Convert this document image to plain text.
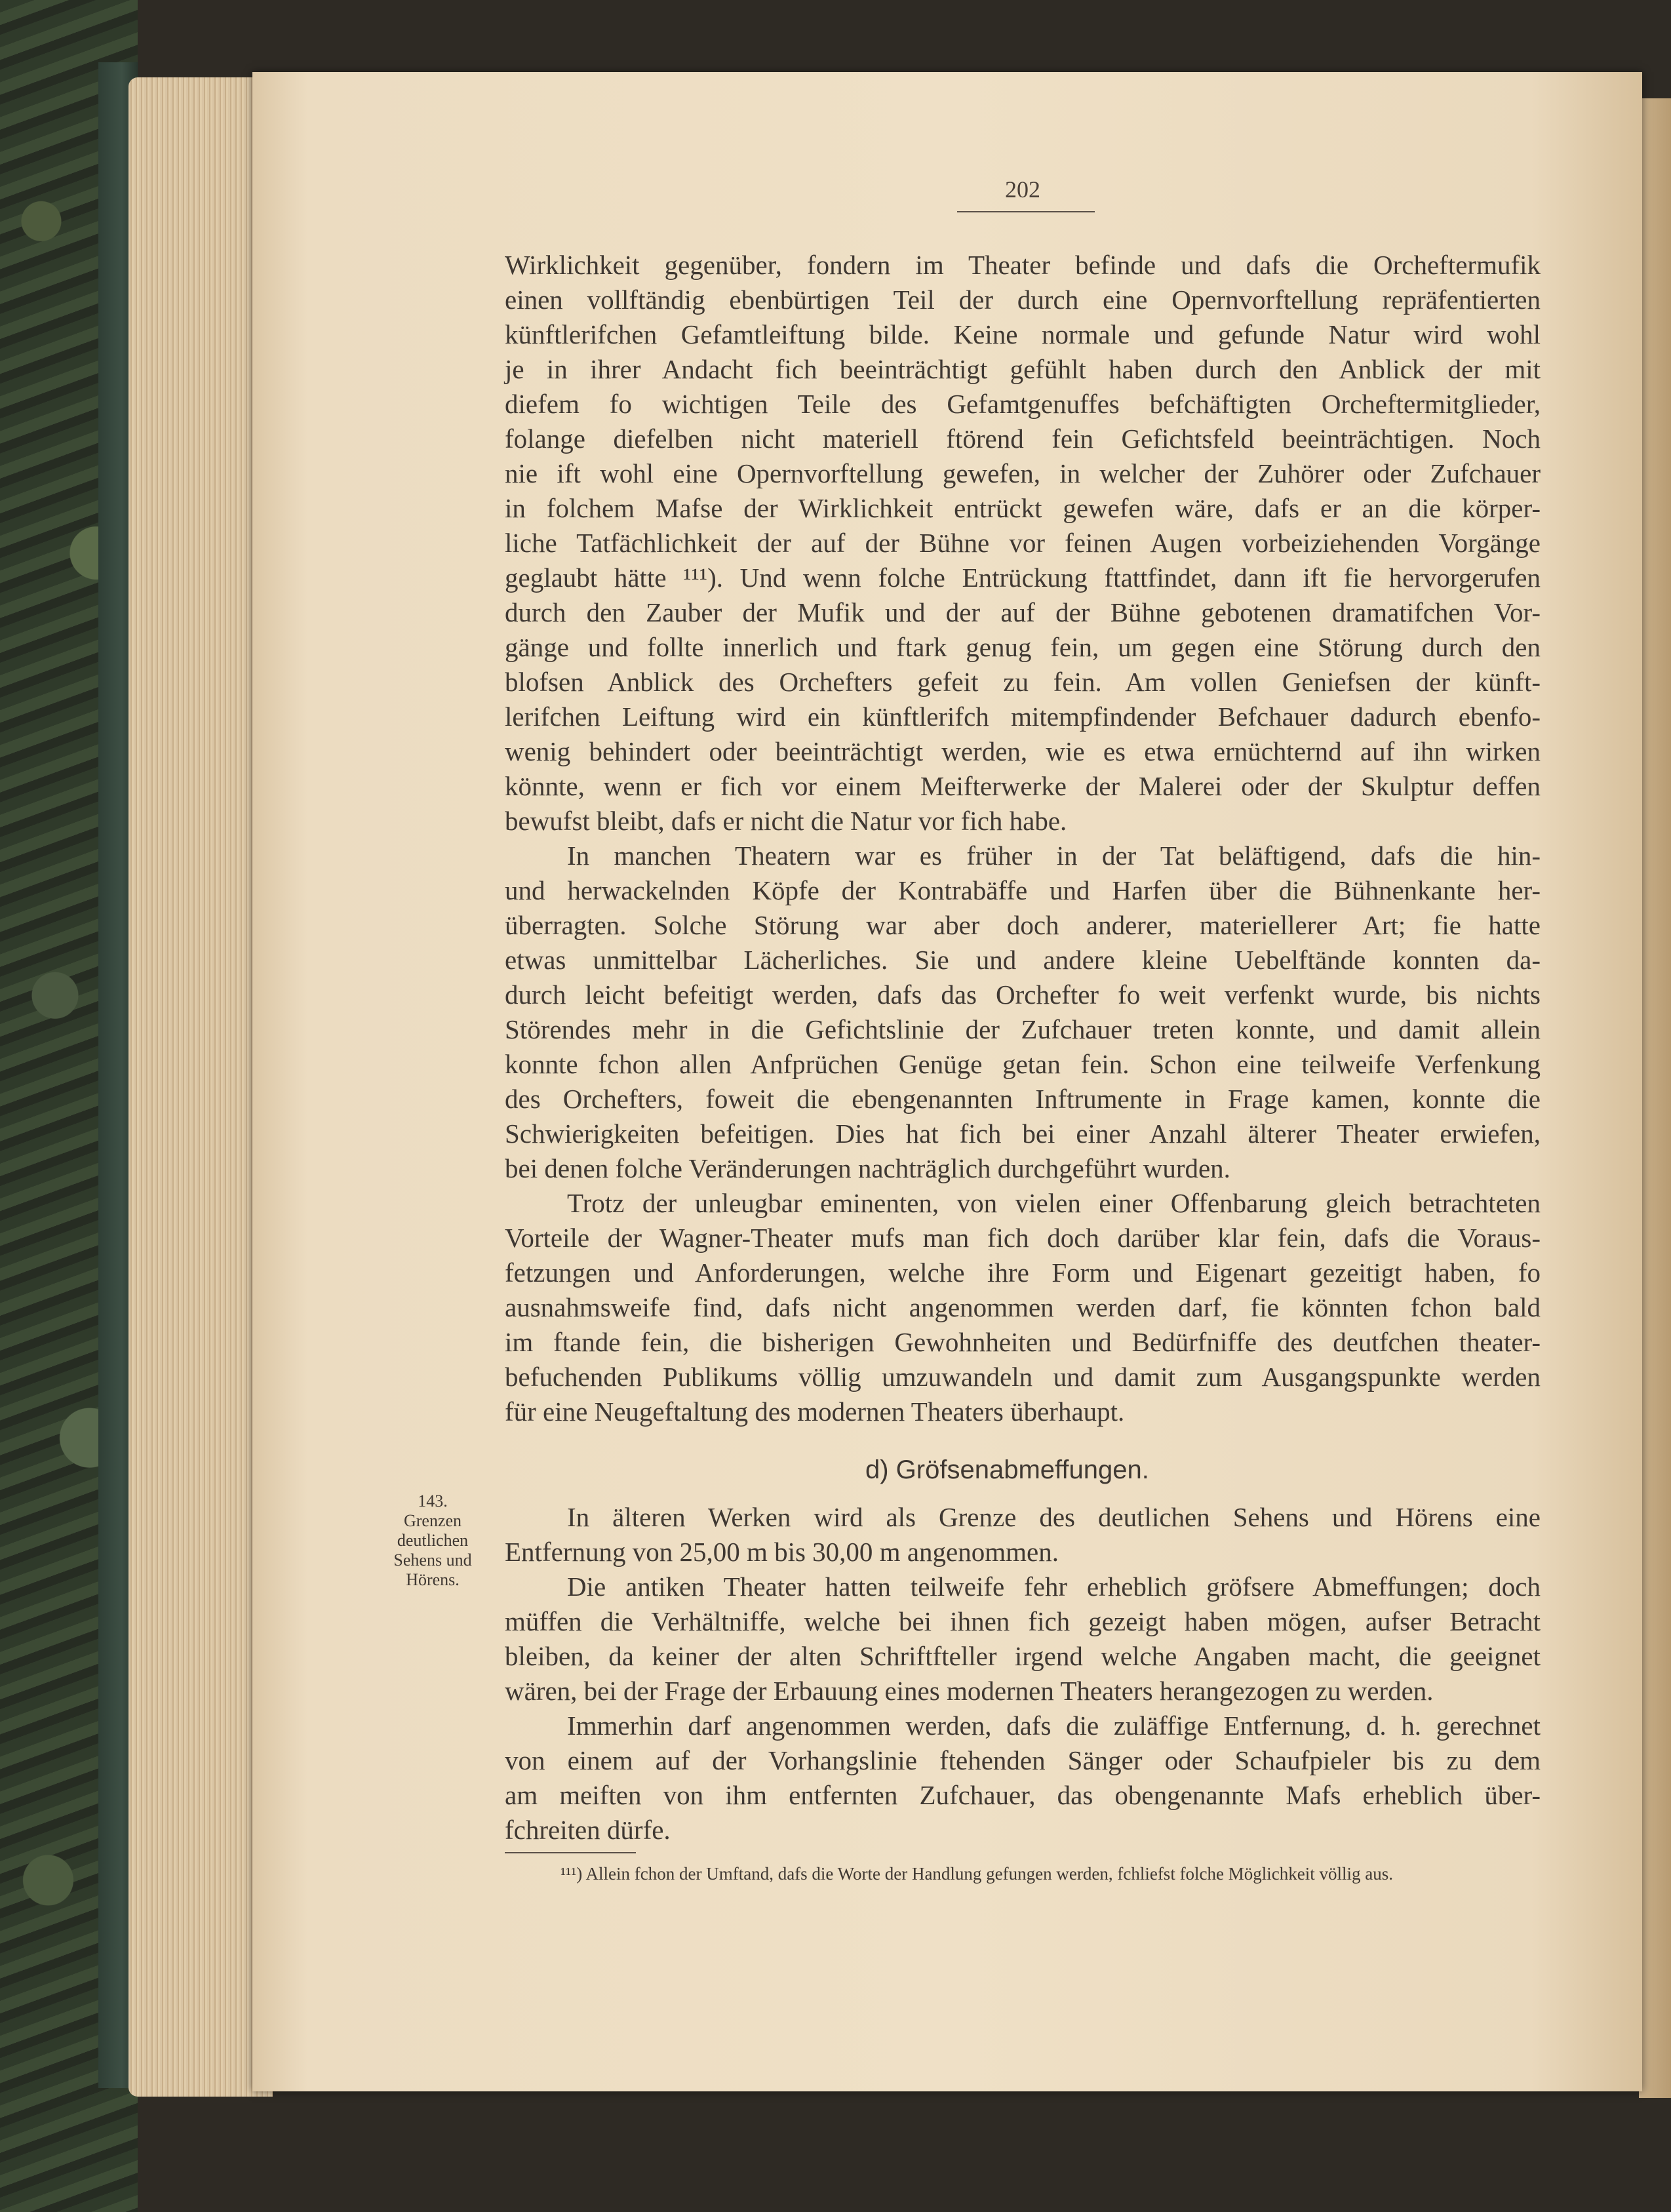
202
Wirklichkeit gegenüber, fondern im Theater befinde und dafs die Orcheftermufik
einen vollftändig ebenbürtigen Teil der durch eine Opernvorftellung repräfentierten
künftlerifchen Gefamtleiftung bilde. Keine normale und gefunde Natur wird wohl
je in ihrer Andacht fich beeinträchtigt gefühlt haben durch den Anblick der mit
diefem fo wichtigen Teile des Gefamtgenuffes befchäftigten Orcheftermitglieder,
folange diefelben nicht materiell ftörend fein Gefichtsfeld beeinträchtigen. Noch
nie ift wohl eine Opernvorftellung gewefen, in welcher der Zuhörer oder Zufchauer
in folchem Mafse der Wirklichkeit entrückt gewefen wäre, dafs er an die körper-
liche Tatfächlichkeit der auf der Bühne vor feinen Augen vorbeiziehenden Vorgänge
geglaubt hätte ¹¹¹). Und wenn folche Entrückung ftattfindet, dann ift fie hervorgerufen
durch den Zauber der Mufik und der auf der Bühne gebotenen dramatifchen Vor-
gänge und follte innerlich und ftark genug fein, um gegen eine Störung durch den
blofsen Anblick des Orchefters gefeit zu fein. Am vollen Geniefsen der künft-
lerifchen Leiftung wird ein künftlerifch mitempfindender Befchauer dadurch ebenfo-
wenig behindert oder beeinträchtigt werden, wie es etwa ernüchternd auf ihn wirken
könnte, wenn er fich vor einem Meifterwerke der Malerei oder der Skulptur deffen
bewufst bleibt, dafs er nicht die Natur vor fich habe.
In manchen Theatern war es früher in der Tat beläftigend, dafs die hin-
und herwackelnden Köpfe der Kontrabäffe und Harfen über die Bühnenkante her-
überragten. Solche Störung war aber doch anderer, materiellerer Art; fie hatte
etwas unmittelbar Lächerliches. Sie und andere kleine Uebelftände konnten da-
durch leicht befeitigt werden, dafs das Orchefter fo weit verfenkt wurde, bis nichts
Störendes mehr in die Gefichtslinie der Zufchauer treten konnte, und damit allein
konnte fchon allen Anfprüchen Genüge getan fein. Schon eine teilweife Verfenkung
des Orchefters, foweit die ebengenannten Inftrumente in Frage kamen, konnte die
Schwierigkeiten befeitigen. Dies hat fich bei einer Anzahl älterer Theater erwiefen,
bei denen folche Veränderungen nachträglich durchgeführt wurden.
Trotz der unleugbar eminenten, von vielen einer Offenbarung gleich betrachteten
Vorteile der Wagner-Theater mufs man fich doch darüber klar fein, dafs die Voraus-
fetzungen und Anforderungen, welche ihre Form und Eigenart gezeitigt haben, fo
ausnahmsweife find, dafs nicht angenommen werden darf, fie könnten fchon bald
im ftande fein, die bisherigen Gewohnheiten und Bedürfniffe des deutfchen theater-
befuchenden Publikums völlig umzuwandeln und damit zum Ausgangspunkte werden
für eine Neugeftaltung des modernen Theaters überhaupt.
d) Gröfsenabmeffungen.
143.
Grenzen
deutlichen
Sehens und
Hörens.
In älteren Werken wird als Grenze des deutlichen Sehens und Hörens eine
Entfernung von 25,00 m bis 30,00 m angenommen.
Die antiken Theater hatten teilweife fehr erheblich gröfsere Abmeffungen; doch
müffen die Verhältniffe, welche bei ihnen fich gezeigt haben mögen, aufser Betracht
bleiben, da keiner der alten Schriftfteller irgend welche Angaben macht, die geeignet
wären, bei der Frage der Erbauung eines modernen Theaters herangezogen zu werden.
Immerhin darf angenommen werden, dafs die zuläffige Entfernung, d. h. gerechnet
von einem auf der Vorhangslinie ftehenden Sänger oder Schaufpieler bis zu dem
am meiften von ihm entfernten Zufchauer, das obengenannte Mafs erheblich über-
fchreiten dürfe.
¹¹¹) Allein fchon der Umftand, dafs die Worte der Handlung gefungen werden, fchliefst folche Möglichkeit völlig aus.
